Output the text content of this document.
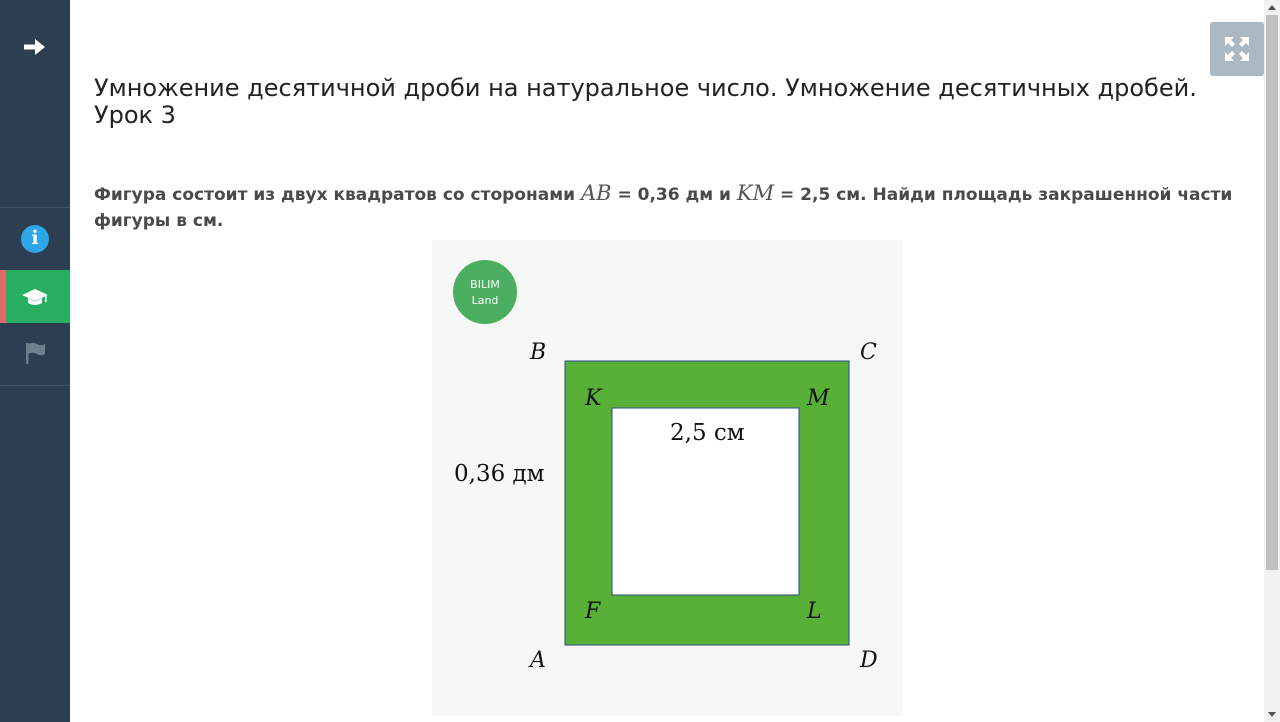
i
Умножение десятичной дроби на натуральное число. Умножение десятичных дробей. Урок 3

Фигура состоит из двух квадратов со сторонами AB = 0,36 дм и KM = 2,5 см. Найди площадь закрашенной части фигуры в см.

BILIM
Land
B	C
K	M
F	L
A	D
0,36 дм
2,5 см
